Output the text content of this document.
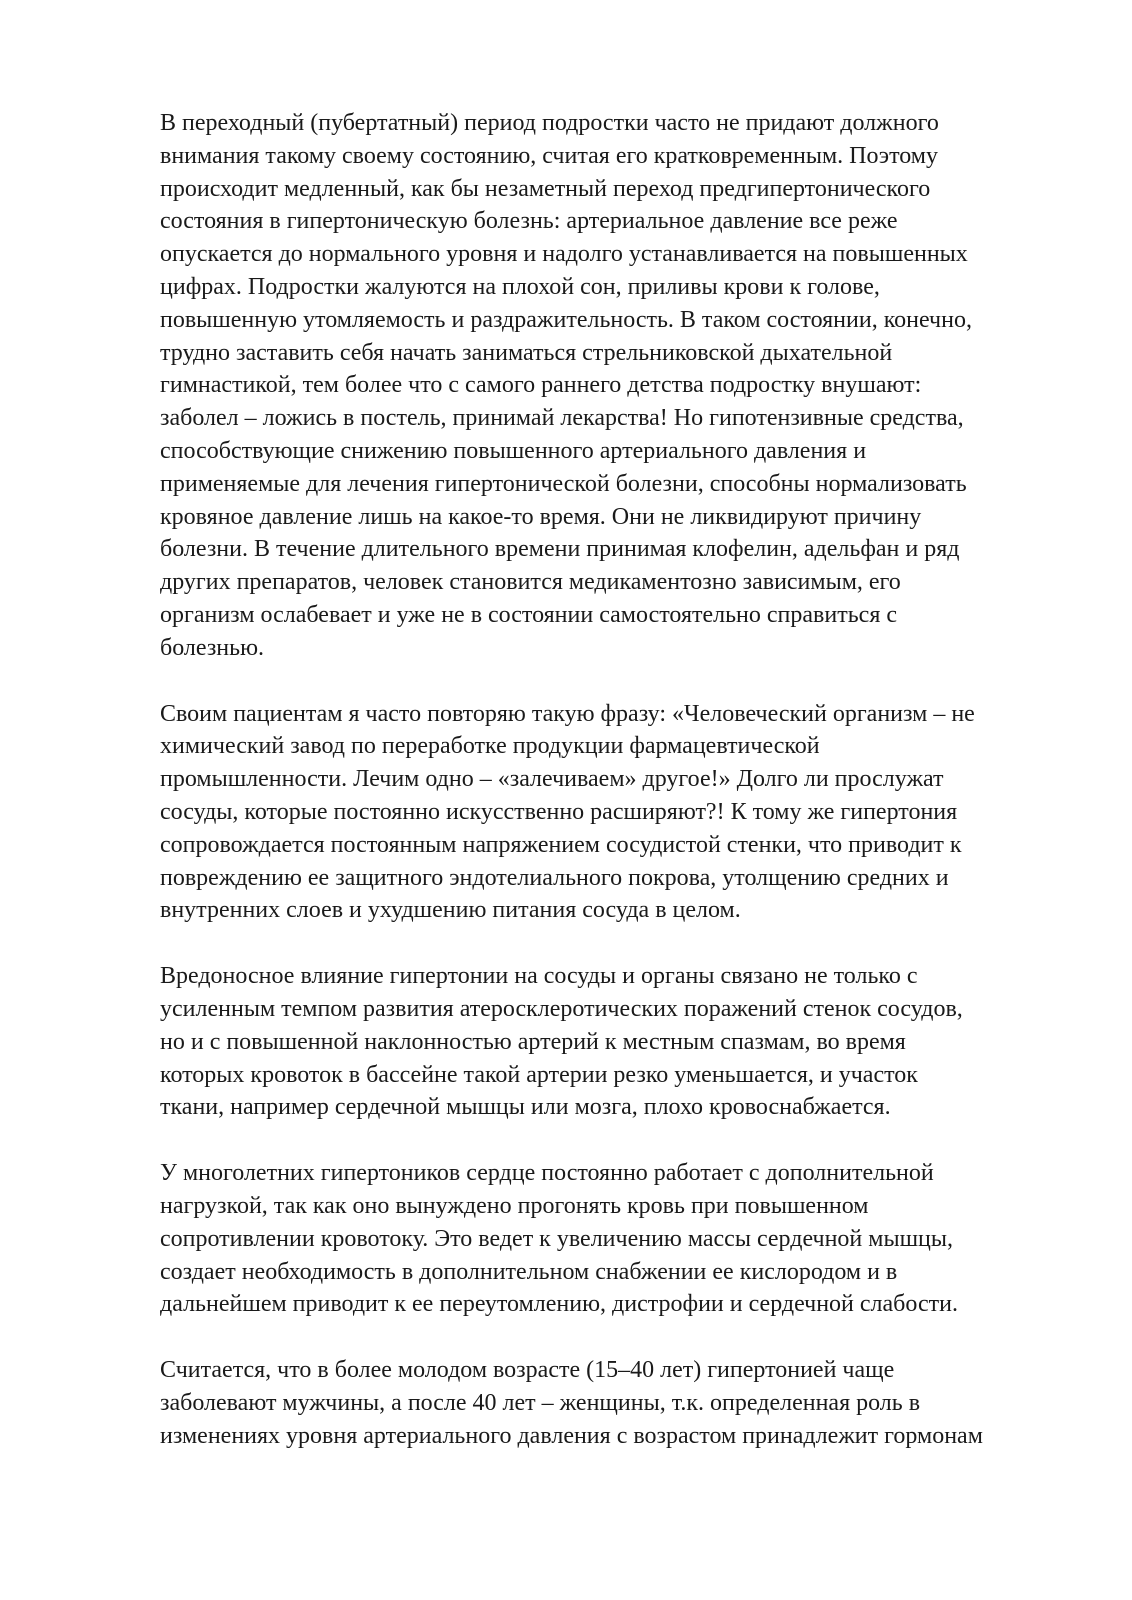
В переходный (пубертатный) период подростки часто не придают должного
внимания такому своему состоянию, считая его кратковременным. Поэтому
происходит медленный, как бы незаметный переход предгипертонического
состояния в гипертоническую болезнь: артериальное давление все реже
опускается до нормального уровня и надолго устанавливается на повышенных
цифрах. Подростки жалуются на плохой сон, приливы крови к голове,
повышенную утомляемость и раздражительность. В таком состоянии, конечно,
трудно заставить себя начать заниматься стрельниковской дыхательной
гимнастикой, тем более что с самого раннего детства подростку внушают:
заболел – ложись в постель, принимай лекарства! Но гипотензивные средства,
способствующие снижению повышенного артериального давления и
применяемые для лечения гипертонической болезни, способны нормализовать
кровяное давление лишь на какое-то время. Они не ликвидируют причину
болезни. В течение длительного времени принимая клофелин, адельфан и ряд
других препаратов, человек становится медикаментозно зависимым, его
организм ослабевает и уже не в состоянии самостоятельно справиться с
болезнью.

Своим пациентам я часто повторяю такую фразу: «Человеческий организм – не
химический завод по переработке продукции фармацевтической
промышленности. Лечим одно – «залечиваем» другое!» Долго ли прослужат
сосуды, которые постоянно искусственно расширяют?! К тому же гипертония
сопровождается постоянным напряжением сосудистой стенки, что приводит к
повреждению ее защитного эндотелиального покрова, утолщению средних и
внутренних слоев и ухудшению питания сосуда в целом.

Вредоносное влияние гипертонии на сосуды и органы связано не только с
усиленным темпом развития атеросклеротических поражений стенок сосудов,
но и с повышенной наклонностью артерий к местным спазмам, во время
которых кровоток в бассейне такой артерии резко уменьшается, и участок
ткани, например сердечной мышцы или мозга, плохо кровоснабжается.

У многолетних гипертоников сердце постоянно работает с дополнительной
нагрузкой, так как оно вынуждено прогонять кровь при повышенном
сопротивлении кровотоку. Это ведет к увеличению массы сердечной мышцы,
создает необходимость в дополнительном снабжении ее кислородом и в
дальнейшем приводит к ее переутомлению, дистрофии и сердечной слабости.

Считается, что в более молодом возрасте (15–40 лет) гипертонией чаще
заболевают мужчины, а после 40 лет – женщины, т.к. определенная роль в
изменениях уровня артериального давления с возрастом принадлежит гормонам
